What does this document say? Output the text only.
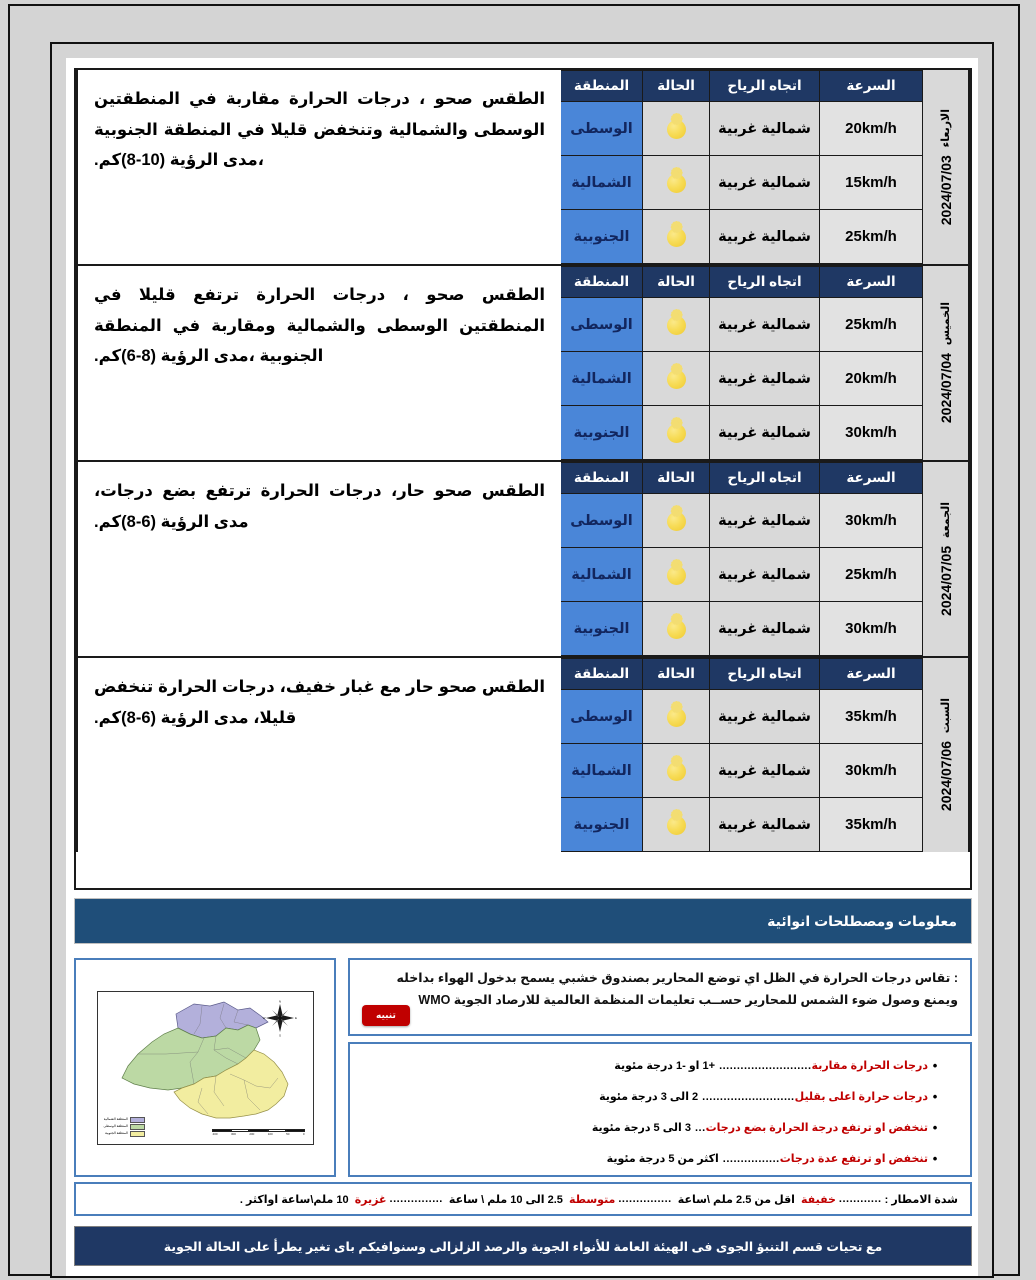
الاربعاء  2024/07/03
السرعة	اتجاه الرياح	الحالة	المنطقة
20km/h	شمالية غربية		الوسطى
15km/h	شمالية غربية		الشمالية
25km/h	شمالية غربية		الجنوبية
الطقس صحو ، درجات الحرارة مقاربة في المنطقتين الوسطى والشمالية وتنخفض قليلا في المنطقة الجنوبية ،مدى الرؤية (10-8)كم.
الخميس  2024/07/04
السرعة	اتجاه الرياح	الحالة	المنطقة
25km/h	شمالية غربية		الوسطى
20km/h	شمالية غربية		الشمالية
30km/h	شمالية غربية		الجنوبية
الطقس صحو ، درجات الحرارة ترتفع قليلا في المنطقتين الوسطى والشمالية ومقاربة في المنطقة الجنوبية ،مدى الرؤية (8-6)كم.
الجمعة  2024/07/05
السرعة	اتجاه الرياح	الحالة	المنطقة
30km/h	شمالية غربية		الوسطى
25km/h	شمالية غربية		الشمالية
30km/h	شمالية غربية		الجنوبية
الطقس صحو حار، درجات الحرارة ترتفع بضع درجات، مدى الرؤية (6-8)كم.
السبت  2024/07/06
السرعة	اتجاه الرياح	الحالة	المنطقة
35km/h	شمالية غربية		الوسطى
30km/h	شمالية غربية		الشمالية
35km/h	شمالية غربية		الجنوبية
الطقس صحو حار مع غبار خفيف، درجات الحرارة تنخفض قليلا، مدى الرؤية (6-8)كم.
معلومات ومصطلحات انوائية
N
E
W
S
المنطقة الشمالية
المنطقة الوسطى
المنطقة الجنوبية	0
50
100
200
300
400
: تقاس درجات الحرارة في الظل اي توضع المحارير بصندوق خشبي يسمح بدخول الهواء بداخله ويمنع وصول ضوء الشمس للمحارير حســب تعليمات المنظمة العالمية للارصاد الجوية WMO
تنبيه
•
درجات الحرارة مقاربة
..........................
+1 او -1 درجة مئوية
•
درجات حرارة اعلى بقليل
..........................
2 الى 3 درجة مئوية
•
تنخفض او ترتفع درجة الحرارة بضع درجات
...
3 الى 5 درجة مئوية
•
تنخفض او ترتفع عدة درجات
................
اكثر من 5 درجة مئوية
شدة الامطار :
............
خفيفة
اقل من 2.5 ملم \ساعة
...............
متوسطة
2.5 الى 10 ملم \ ساعة
...............
غزيرة
10 ملم\ساعة اواكثر .
مع تحيات قسم التنبؤ الجوى فى الهيئة العامة للأنواء الجوية والرصد الزلزالى وسنوافيكم باى تغير يطرأ على الحالة الجوية
